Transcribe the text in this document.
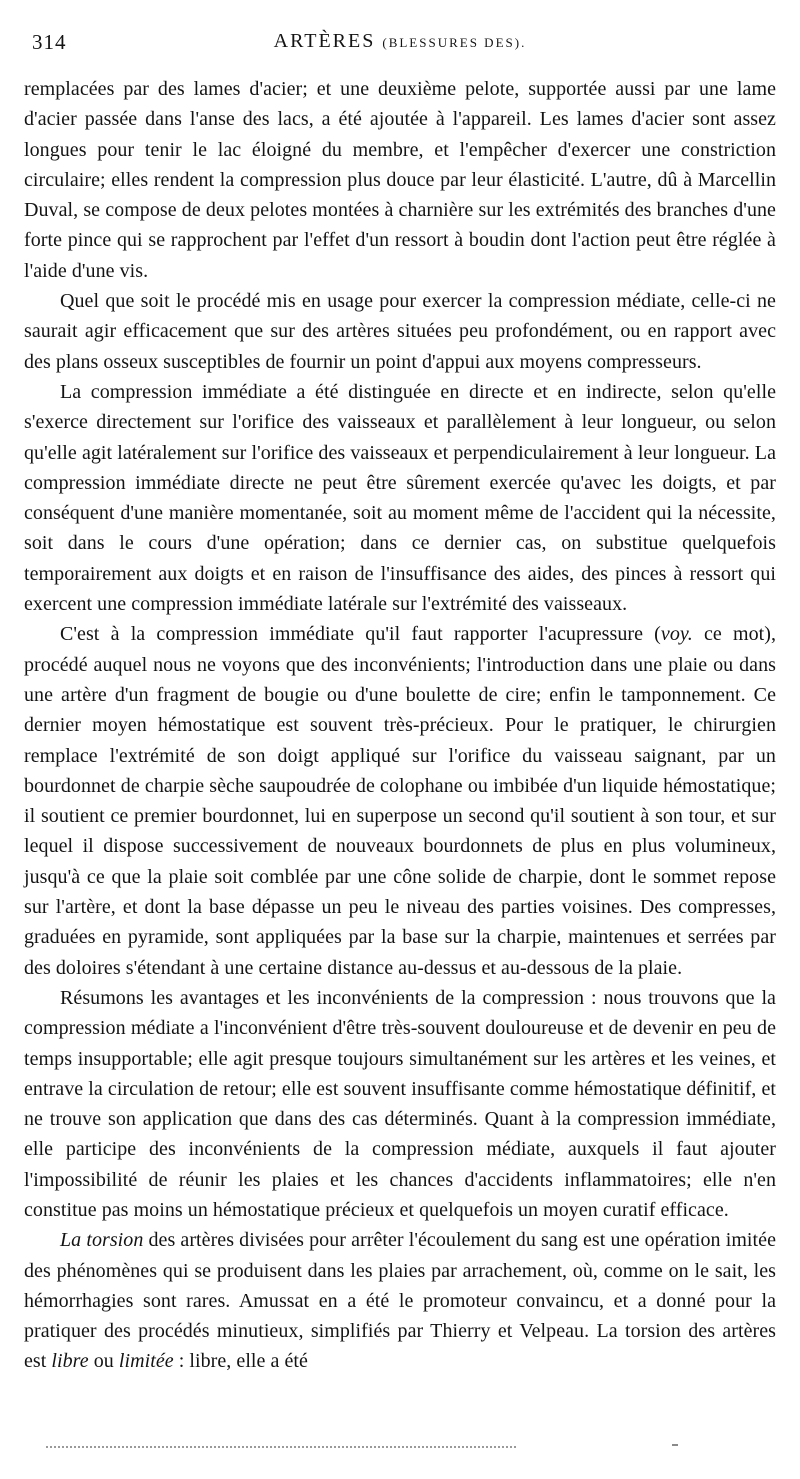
314	ARTÈRES (BLESSURES DES).

remplacées par des lames d'acier; et une deuxième pelote, supportée aussi par une lame d'acier passée dans l'anse des lacs, a été ajoutée à l'appareil. Les lames d'acier sont assez longues pour tenir le lac éloigné du membre, et l'empêcher d'exercer une constriction circulaire; elles rendent la compression plus douce par leur élasticité. L'autre, dû à Marcellin Duval, se compose de deux pelotes montées à charnière sur les extrémités des branches d'une forte pince qui se rapprochent par l'effet d'un ressort à boudin dont l'action peut être réglée à l'aide d'une vis.

Quel que soit le procédé mis en usage pour exercer la compression médiate, celle-ci ne saurait agir efficacement que sur des artères situées peu profondément, ou en rapport avec des plans osseux susceptibles de fournir un point d'appui aux moyens compresseurs.

La compression immédiate a été distinguée en directe et en indirecte, selon qu'elle s'exerce directement sur l'orifice des vaisseaux et parallèlement à leur longueur, ou selon qu'elle agit latéralement sur l'orifice des vaisseaux et perpendiculairement à leur longueur. La compression immédiate directe ne peut être sûrement exercée qu'avec les doigts, et par conséquent d'une manière momentanée, soit au moment même de l'accident qui la nécessite, soit dans le cours d'une opération; dans ce dernier cas, on substitue quelquefois temporairement aux doigts et en raison de l'insuffisance des aides, des pinces à ressort qui exercent une compression immédiate latérale sur l'extrémité des vaisseaux.

C'est à la compression immédiate qu'il faut rapporter l'acupressure (voy. ce mot), procédé auquel nous ne voyons que des inconvénients; l'introduction dans une plaie ou dans une artère d'un fragment de bougie ou d'une boulette de cire; enfin le tamponnement. Ce dernier moyen hémostatique est souvent très-précieux. Pour le pratiquer, le chirurgien remplace l'extrémité de son doigt appliqué sur l'orifice du vaisseau saignant, par un bourdonnet de charpie sèche saupoudrée de colophane ou imbibée d'un liquide hémostatique; il soutient ce premier bourdonnet, lui en superpose un second qu'il soutient à son tour, et sur lequel il dispose successivement de nouveaux bourdonnets de plus en plus volumineux, jusqu'à ce que la plaie soit comblée par une cône solide de charpie, dont le sommet repose sur l'artère, et dont la base dépasse un peu le niveau des parties voisines. Des compresses, graduées en pyramide, sont appliquées par la base sur la charpie, maintenues et serrées par des doloires s'étendant à une certaine distance au-dessus et au-dessous de la plaie.

Résumons les avantages et les inconvénients de la compression : nous trouvons que la compression médiate a l'inconvénient d'être très-souvent douloureuse et de devenir en peu de temps insupportable; elle agit presque toujours simultanément sur les artères et les veines, et entrave la circulation de retour; elle est souvent insuffisante comme hémostatique définitif, et ne trouve son application que dans des cas déterminés. Quant à la compression immédiate, elle participe des inconvénients de la compression médiate, auxquels il faut ajouter l'impossibilité de réunir les plaies et les chances d'accidents inflammatoires; elle n'en constitue pas moins un hémostatique précieux et quelquefois un moyen curatif efficace.

La torsion des artères divisées pour arrêter l'écoulement du sang est une opération imitée des phénomènes qui se produisent dans les plaies par arrachement, où, comme on le sait, les hémorrhagies sont rares. Amussat en a été le promoteur convaincu, et a donné pour la pratiquer des procédés minutieux, simplifiés par Thierry et Velpeau. La torsion des artères est libre ou limitée : libre, elle a été
